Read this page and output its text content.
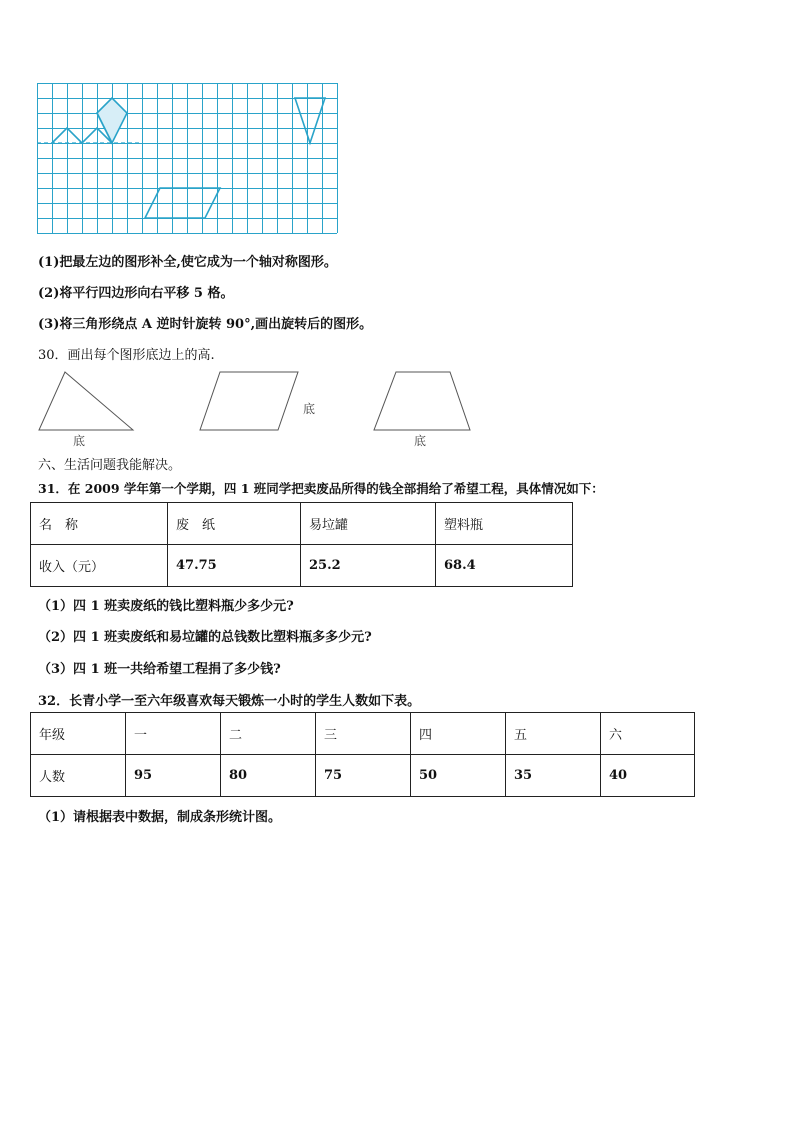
(1)把最左边的图形补全,使它成为一个轴对称图形。
(2)将平行四边形向右平移 5 格。
(3)将三角形绕点 A 逆时针旋转 90°,画出旋转后的图形。
30．画出每个图形底边上的高.
底
底
底
六、生活问题我能解决。
31．在 2009 学年第一个学期，四 1 班同学把卖废品所得的钱全部捐给了希望工程，具体情况如下：
名　称	废　纸	易垃罐	塑料瓶
收入（元）	47.75	25.2	68.4
（1）四 1 班卖废纸的钱比塑料瓶少多少元?
（2）四 1 班卖废纸和易垃罐的总钱数比塑料瓶多多少元?
（3）四 1 班一共给希望工程捐了多少钱?
32．长青小学一至六年级喜欢每天锻炼一小时的学生人数如下表。
年级	一	二	三	四	五	六
人数	95	80	75	50	35	40
（1）请根据表中数据，制成条形统计图。
